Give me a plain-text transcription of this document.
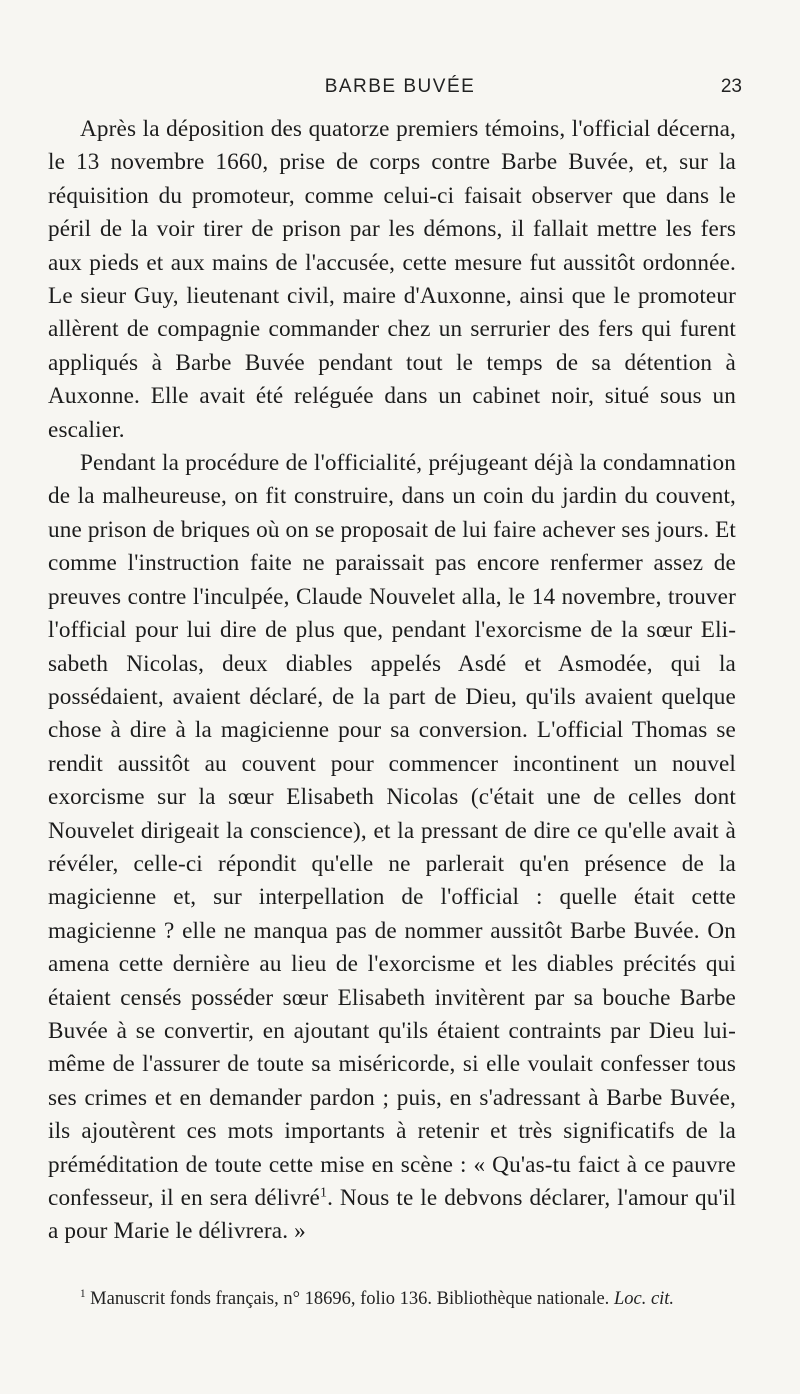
BARBE BUVÉE	23

Après la déposition des quatorze premiers témoins, l'official décerna, le 13 novembre 1660, prise de corps contre Barbe Buvée, et, sur la réquisition du promoteur, comme celui-ci faisait observer que dans le péril de la voir tirer de prison par les démons, il fallait mettre les fers aux pieds et aux mains de l'accusée, cette mesure fut aussitôt ordonnée. Le sieur Guy, lieutenant civil, maire d'Auxonne, ainsi que le promoteur allèrent de compagnie commander chez un serrurier des fers qui furent appliqués à Barbe Buvée pendant tout le temps de sa détention à Auxonne. Elle avait été reléguée dans un cabinet noir, situé sous un escalier.

Pendant la procédure de l'officialité, préjugeant déjà la condamnation de la malheureuse, on fit construire, dans un coin du jardin du couvent, une prison de briques où on se proposait de lui faire achever ses jours. Et comme l'instruction faite ne paraissait pas encore renfermer assez de preuves contre l'inculpée, Claude Nouvelet alla, le 14 novembre, trouver l'official pour lui dire de plus que, pendant l'exorcisme de la sœur Elisabeth Nicolas, deux diables appelés Asdé et Asmodée, qui la possédaient, avaient déclaré, de la part de Dieu, qu'ils avaient quelque chose à dire à la magicienne pour sa conversion. L'official Thomas se rendit aussitôt au couvent pour commencer incontinent un nouvel exorcisme sur la sœur Elisabeth Nicolas (c'était une de celles dont Nouvelet dirigeait la conscience), et la pressant de dire ce qu'elle avait à révéler, celle-ci répondit qu'elle ne parlerait qu'en présence de la magicienne et, sur interpellation de l'official : quelle était cette magicienne ? elle ne manqua pas de nommer aussitôt Barbe Buvée. On amena cette dernière au lieu de l'exorcisme et les diables précités qui étaient censés posséder sœur Elisabeth invitèrent par sa bouche Barbe Buvée à se convertir, en ajoutant qu'ils étaient contraints par Dieu lui-même de l'assurer de toute sa miséricorde, si elle voulait confesser tous ses crimes et en demander pardon ; puis, en s'adressant à Barbe Buvée, ils ajoutèrent ces mots importants à retenir et très significatifs de la préméditation de toute cette mise en scène : « Qu'as-tu faict à ce pauvre confesseur, il en sera délivré$^1$. Nous te le debvons déclarer, l'amour qu'il a pour Marie le délivrera. »

$^1$ Manuscrit fonds français, n° 18696, folio 136. Bibliothèque nationale. Loc. cit.
